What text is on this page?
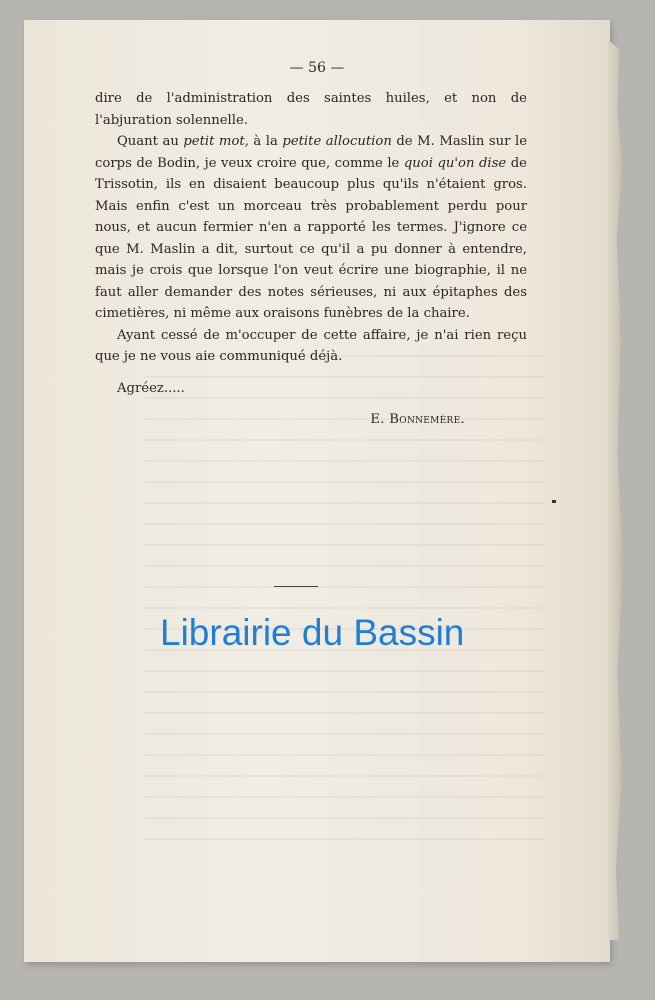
— 56 —

dire de l'administration des saintes huiles, et non de l'abjuration solennelle.

Quant au petit mot, à la petite allocution de M. Maslin sur le corps de Bodin, je veux croire que, comme le quoi qu'on dise de Trissotin, ils en disaient beaucoup plus qu'ils n'étaient gros. Mais enfin c'est un morceau très probablement perdu pour nous, et aucun fermier n'en a rapporté les termes. J'ignore ce que M. Maslin a dit, surtout ce qu'il a pu donner à entendre, mais je crois que lorsque l'on veut écrire une biographie, il ne faut aller demander des notes sérieuses, ni aux épitaphes des cimetières, ni même aux oraisons funèbres de la chaire.

Ayant cessé de m'occuper de cette affaire, je n'ai rien reçu que je ne vous aie communiqué déjà.

Agréez.....

E. Bonnemère.

Librairie du Bassin
